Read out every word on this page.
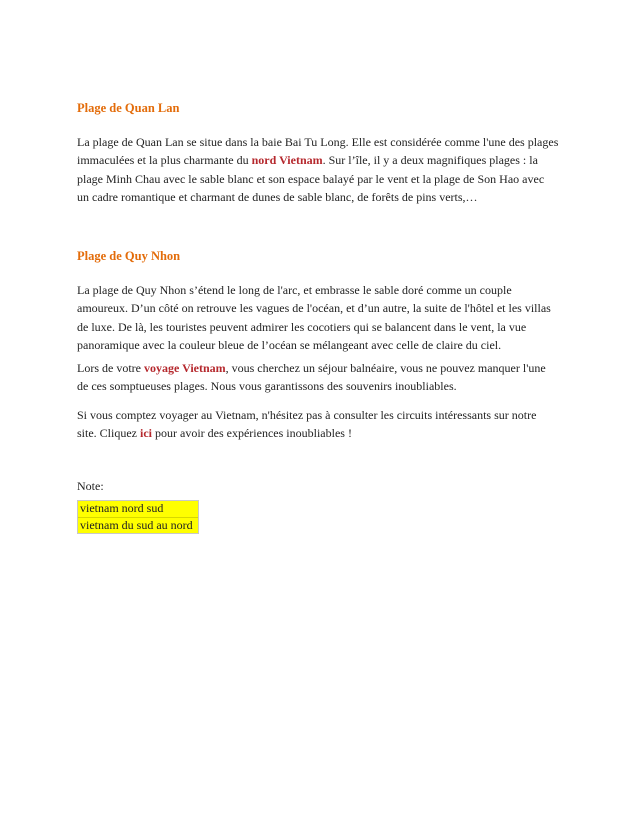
Plage de Quan Lan

La plage de Quan Lan se situe dans la baie Bai Tu Long. Elle est considérée comme l'une des plages immaculées et la plus charmante du nord Vietnam. Sur l’île, il y a deux magnifiques plages : la plage Minh Chau avec le sable blanc et son espace balayé par le vent et la plage de Son Hao avec un cadre romantique et charmant de dunes de sable blanc, de forêts de pins verts,…

Plage de Quy Nhon

La plage de Quy Nhon s’étend le long de l'arc, et embrasse le sable doré comme un couple amoureux. D’un côté on retrouve les vagues de l'océan, et d’un autre, la suite de l'hôtel et les villas de luxe. De là, les touristes peuvent admirer les cocotiers qui se balancent dans le vent, la vue panoramique avec la couleur bleue de l’océan se mélangeant avec celle de claire du ciel.

Lors de votre voyage Vietnam, vous cherchez un séjour balnéaire, vous ne pouvez manquer l'une de ces somptueuses plages. Nous vous garantissons des souvenirs inoubliables.

Si vous comptez voyager au Vietnam, n'hésitez pas à consulter les circuits intéressants sur notre site. Cliquez ici pour avoir des expériences inoubliables !

Note:
vietnam nord sud
vietnam du sud au nord
